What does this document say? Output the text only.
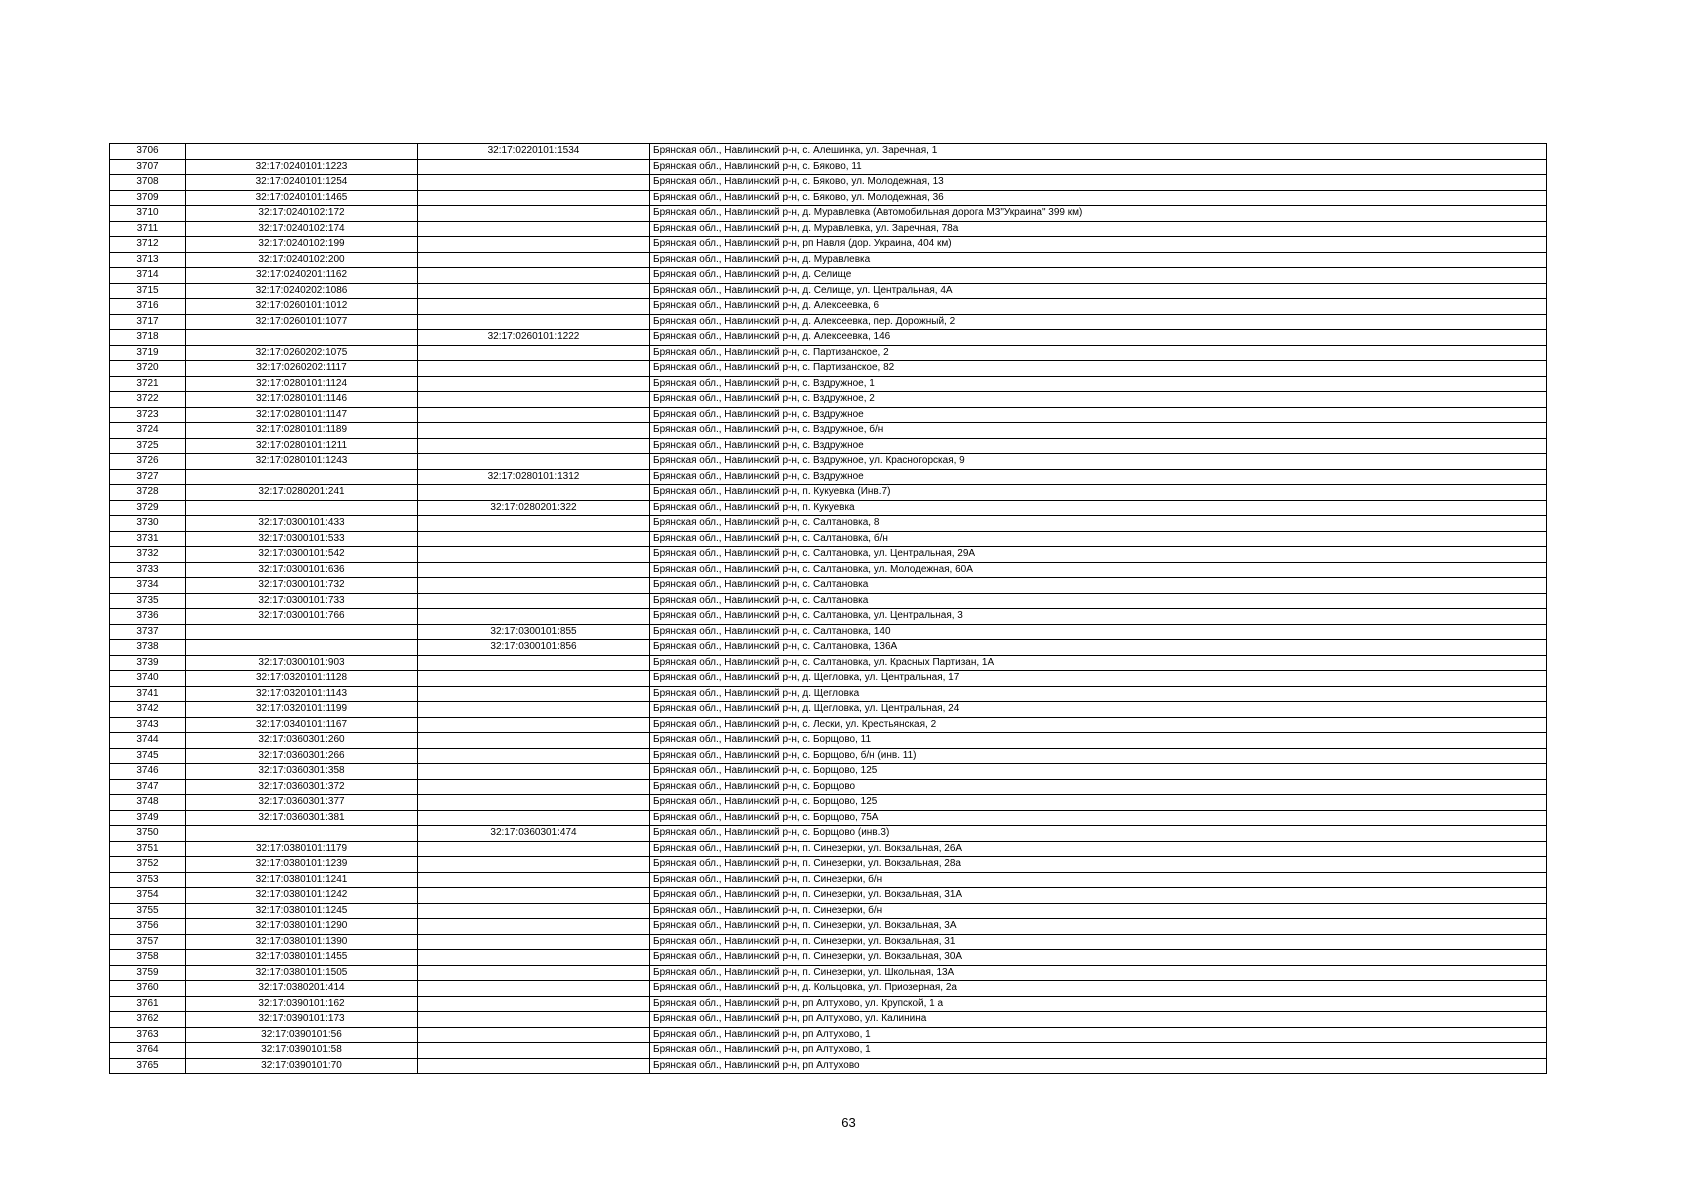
3706		32:17:0220101:1534	Брянская обл., Навлинский р-н, с. Алешинка, ул. Заречная, 1
3707	32:17:0240101:1223		Брянская обл., Навлинский р-н, с. Бяково, 11
3708	32:17:0240101:1254		Брянская обл., Навлинский р-н, с. Бяково, ул. Молодежная, 13
3709	32:17:0240101:1465		Брянская обл., Навлинский р-н, с. Бяково, ул. Молодежная, 36
3710	32:17:0240102:172		Брянская обл., Навлинский р-н, д. Муравлевка (Автомобильная дорога М3"Украина" 399 км)
3711	32:17:0240102:174		Брянская обл., Навлинский р-н, д. Муравлевка, ул. Заречная, 78а
3712	32:17:0240102:199		Брянская обл., Навлинский р-н, рп Навля (дор. Украина, 404 км)
3713	32:17:0240102:200		Брянская обл., Навлинский р-н, д. Муравлевка
3714	32:17:0240201:1162		Брянская обл., Навлинский р-н, д. Селище
3715	32:17:0240202:1086		Брянская обл., Навлинский р-н, д. Селище, ул. Центральная, 4А
3716	32:17:0260101:1012		Брянская обл., Навлинский р-н, д. Алексеевка, 6
3717	32:17:0260101:1077		Брянская обл., Навлинский р-н, д. Алексеевка, пер. Дорожный, 2
3718		32:17:0260101:1222	Брянская обл., Навлинский р-н, д. Алексеевка, 146
3719	32:17:0260202:1075		Брянская обл., Навлинский р-н, с. Партизанское, 2
3720	32:17:0260202:1117		Брянская обл., Навлинский р-н, с. Партизанское, 82
3721	32:17:0280101:1124		Брянская обл., Навлинский р-н, с. Вздружное, 1
3722	32:17:0280101:1146		Брянская обл., Навлинский р-н, с. Вздружное, 2
3723	32:17:0280101:1147		Брянская обл., Навлинский р-н, с. Вздружное
3724	32:17:0280101:1189		Брянская обл., Навлинский р-н, с. Вздружное, б/н
3725	32:17:0280101:1211		Брянская обл., Навлинский р-н, с. Вздружное
3726	32:17:0280101:1243		Брянская обл., Навлинский р-н, с. Вздружное, ул. Красногорская, 9
3727		32:17:0280101:1312	Брянская обл., Навлинский р-н, с. Вздружное
3728	32:17:0280201:241		Брянская обл., Навлинский р-н, п. Кукуевка (Инв.7)
3729		32:17:0280201:322	Брянская обл., Навлинский р-н, п. Кукуевка
3730	32:17:0300101:433		Брянская обл., Навлинский р-н, с. Салтановка, 8
3731	32:17:0300101:533		Брянская обл., Навлинский р-н, с. Салтановка, б/н
3732	32:17:0300101:542		Брянская обл., Навлинский р-н, с. Салтановка, ул. Центральная, 29А
3733	32:17:0300101:636		Брянская обл., Навлинский р-н, с. Салтановка, ул. Молодежная, 60А
3734	32:17:0300101:732		Брянская обл., Навлинский р-н, с. Салтановка
3735	32:17:0300101:733		Брянская обл., Навлинский р-н, с. Салтановка
3736	32:17:0300101:766		Брянская обл., Навлинский р-н, с. Салтановка, ул. Центральная, 3
3737		32:17:0300101:855	Брянская обл., Навлинский р-н, с. Салтановка, 140
3738		32:17:0300101:856	Брянская обл., Навлинский р-н, с. Салтановка, 136А
3739	32:17:0300101:903		Брянская обл., Навлинский р-н, с. Салтановка, ул. Красных Партизан, 1А
3740	32:17:0320101:1128		Брянская обл., Навлинский р-н, д. Щегловка, ул. Центральная, 17
3741	32:17:0320101:1143		Брянская обл., Навлинский р-н, д. Щегловка
3742	32:17:0320101:1199		Брянская обл., Навлинский р-н, д. Щегловка, ул. Центральная, 24
3743	32:17:0340101:1167		Брянская обл., Навлинский р-н, с. Лески, ул. Крестьянская, 2
3744	32:17:0360301:260		Брянская обл., Навлинский р-н, с. Борщово, 11
3745	32:17:0360301:266		Брянская обл., Навлинский р-н, с. Борщово, б/н (инв. 11)
3746	32:17:0360301:358		Брянская обл., Навлинский р-н, с. Борщово, 125
3747	32:17:0360301:372		Брянская обл., Навлинский р-н, с. Борщово
3748	32:17:0360301:377		Брянская обл., Навлинский р-н, с. Борщово, 125
3749	32:17:0360301:381		Брянская обл., Навлинский р-н, с. Борщово, 75А
3750		32:17:0360301:474	Брянская обл., Навлинский р-н, с. Борщово (инв.3)
3751	32:17:0380101:1179		Брянская обл., Навлинский р-н, п. Синезерки, ул. Вокзальная, 26А
3752	32:17:0380101:1239		Брянская обл., Навлинский р-н, п. Синезерки, ул. Вокзальная, 28а
3753	32:17:0380101:1241		Брянская обл., Навлинский р-н, п. Синезерки, б/н
3754	32:17:0380101:1242		Брянская обл., Навлинский р-н, п. Синезерки, ул. Вокзальная, 31А
3755	32:17:0380101:1245		Брянская обл., Навлинский р-н, п. Синезерки, б/н
3756	32:17:0380101:1290		Брянская обл., Навлинский р-н, п. Синезерки, ул. Вокзальная, 3А
3757	32:17:0380101:1390		Брянская обл., Навлинский р-н, п. Синезерки, ул. Вокзальная, 31
3758	32:17:0380101:1455		Брянская обл., Навлинский р-н, п. Синезерки, ул. Вокзальная, 30А
3759	32:17:0380101:1505		Брянская обл., Навлинский р-н, п. Синезерки, ул. Школьная, 13А
3760	32:17:0380201:414		Брянская обл., Навлинский р-н, д. Кольцовка, ул. Приозерная, 2а
3761	32:17:0390101:162		Брянская обл., Навлинский р-н, рп Алтухово, ул. Крупской, 1 а
3762	32:17:0390101:173		Брянская обл., Навлинский р-н, рп Алтухово, ул. Калинина
3763	32:17:0390101:56		Брянская обл., Навлинский р-н, рп Алтухово, 1
3764	32:17:0390101:58		Брянская обл., Навлинский р-н, рп Алтухово, 1
3765	32:17:0390101:70		Брянская обл., Навлинский р-н, рп Алтухово
63
